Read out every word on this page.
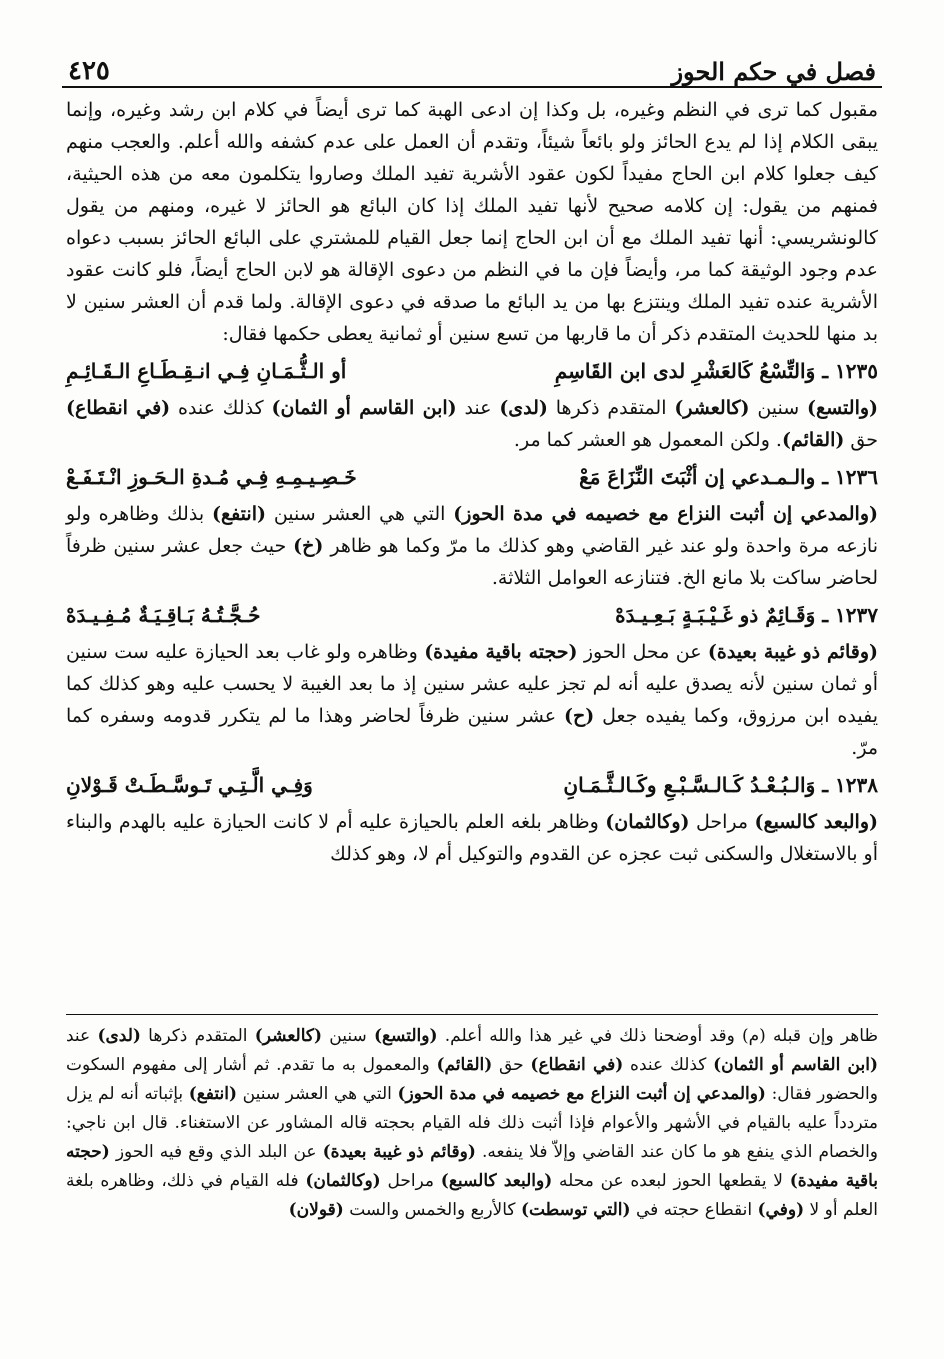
٤٢٥	فصل في حكم الحوز

مقبول كما ترى في النظم وغيره، بل وكذا إن ادعى الهبة كما ترى أيضاً في كلام ابن رشد وغيره، وإنما يبقى الكلام إذا لم يدع الحائز ولو بائعاً شيئاً، وتقدم أن العمل على عدم كشفه والله أعلم. والعجب منهم كيف جعلوا كلام ابن الحاج مفيداً لكون عقود الأشرية تفيد الملك وصاروا يتكلمون معه من هذه الحيثية، فمنهم من يقول: إن كلامه صحيح لأنها تفيد الملك إذا كان البائع هو الحائز لا غيره، ومنهم من يقول كالونشريسي: أنها تفيد الملك مع أن ابن الحاج إنما جعل القيام للمشتري على البائع الحائز بسبب دعواه عدم وجود الوثيقة كما مر، وأيضاً فإن ما في النظم من دعوى الإقالة هو لابن الحاج أيضاً، فلو كانت عقود الأشرية عنده تفيد الملك وينتزع بها من يد البائع ما صدقه في دعوى الإقالة. ولما قدم أن العشر سنين لا بد منها للحديث المتقدم ذكر أن ما قاربها من تسع سنين أو ثمانية يعطى حكمها فقال:

١٢٣٥ ـ وَالتِّسْعُ كَالعَشْرِ لدى ابن القَاسِمِ
أو الـثُّـمَـانِ فِـي انـقِـطَـاعِ الـقَـائِـمِ

(والتسع) سنين (كالعشر) المتقدم ذكرها (لدى) عند (ابن القاسم أو الثمان) كذلك عنده (في انقطاع) حق (القائم). ولكن المعمول هو العشر كما مر.

١٢٣٦ ـ والـمـدعي إن أثْبَتَ النِّزَاعَ مَعْ
خَـصِـيـمِـهِ فِـي مُـدةِ الـحَـوزِ انْـتَـفَـعْ

(والمدعي إن أثبت النزاع مع خصيمه في مدة الحوز) التي هي العشر سنين (انتفع) بذلك وظاهره ولو نازعه مرة واحدة ولو عند غير القاضي وهو كذلك ما مرّ وكما هو ظاهر (خ) حيث جعل عشر سنين ظرفاً لحاضر ساكت بلا مانع الخ. فتنازعه العوامل الثلاثة.

١٢٣٧ ـ وَقَـائِمٌ ذو غَـيْـبَـةٍ بَـعِـيـدَهْ
حُـجَّـتُـهُ بَـاقِـيَـةٌ مُـفِـيـدَهْ

(وقائم ذو غيبة بعيدة) عن محل الحوز (حجته باقية مفيدة) وظاهره ولو غاب بعد الحيازة عليه ست سنين أو ثمان سنين لأنه يصدق عليه أنه لم تجز عليه عشر سنين إذ ما بعد الغيبة لا يحسب عليه وهو كذلك كما يفيده ابن مرزوق، وكما يفيده جعل (ح) عشر سنين ظرفاً لحاضر وهذا ما لم يتكرر قدومه وسفره كما مرّ.

١٢٣٨ ـ وَالـبُـعْـدُ كَـالـسَّـبْـعِ وكَـالـثَّـمَـانِ
وَفِـي الَّـتِـي تَـوسَّـطَـتْ قَـوْلانِ

(والبعد كالسبع) مراحل (وكالثمان) وظاهر بلغه العلم بالحيازة عليه أم لا كانت الحيازة عليه بالهدم والبناء أو بالاستغلال والسكنى ثبت عجزه عن القدوم والتوكيل أم لا، وهو كذلك

ظاهر وإن قبله (م) وقد أوضحنا ذلك في غير هذا والله أعلم. (والتسع) سنين (كالعشر) المتقدم ذكرها (لدى) عند (ابن القاسم أو الثمان) كذلك عنده (في انقطاع) حق (القائم) والمعمول به ما تقدم. ثم أشار إلى مفهوم السكوت والحضور فقال: (والمدعي إن أثبت النزاع مع خصيمه في مدة الحوز) التي هي العشر سنين (انتفع) بإثباته أنه لم يزل متردداً عليه بالقيام في الأشهر والأعوام فإذا أثبت ذلك فله القيام بحجته قاله المشاور عن الاستغناء. قال ابن ناجي: والخصام الذي ينفع هو ما كان عند القاضي وإلاّ فلا ينفعه. (وقائم ذو غيبة بعيدة) عن البلد الذي وقع فيه الحوز (حجته باقية مفيدة) لا يقطعها الحوز لبعده عن محله (والبعد كالسبع) مراحل (وكالثمان) فله القيام في ذلك، وظاهره بلغة العلم أو لا (وفي) انقطاع حجته في (التي توسطت) كالأربع والخمس والست (قولان)
